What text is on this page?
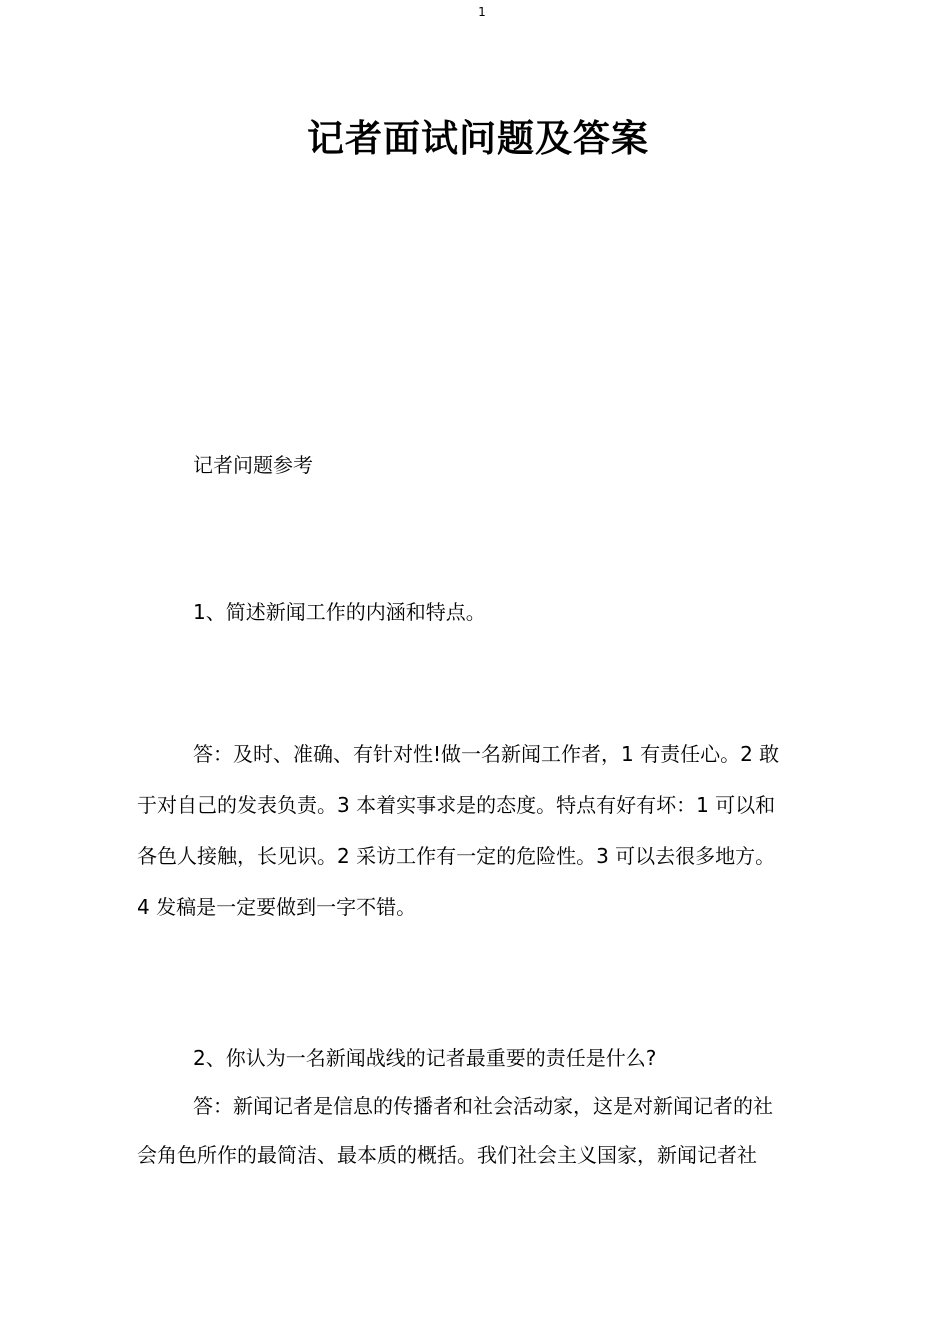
1
记者面试问题及答案
记者问题参考
1、简述新闻工作的内涵和特点。
答：及时、准确、有针对性!做一名新闻工作者，1 有责任心。2 敢
于对自己的发表负责。3 本着实事求是的态度。特点有好有坏：1 可以和
各色人接触，长见识。2 采访工作有一定的危险性。3 可以去很多地方。
4 发稿是一定要做到一字不错。
2、你认为一名新闻战线的记者最重要的责任是什么?
答：新闻记者是信息的传播者和社会活动家，这是对新闻记者的社
会角色所作的最简洁、最本质的概括。我们社会主义国家，新闻记者社
